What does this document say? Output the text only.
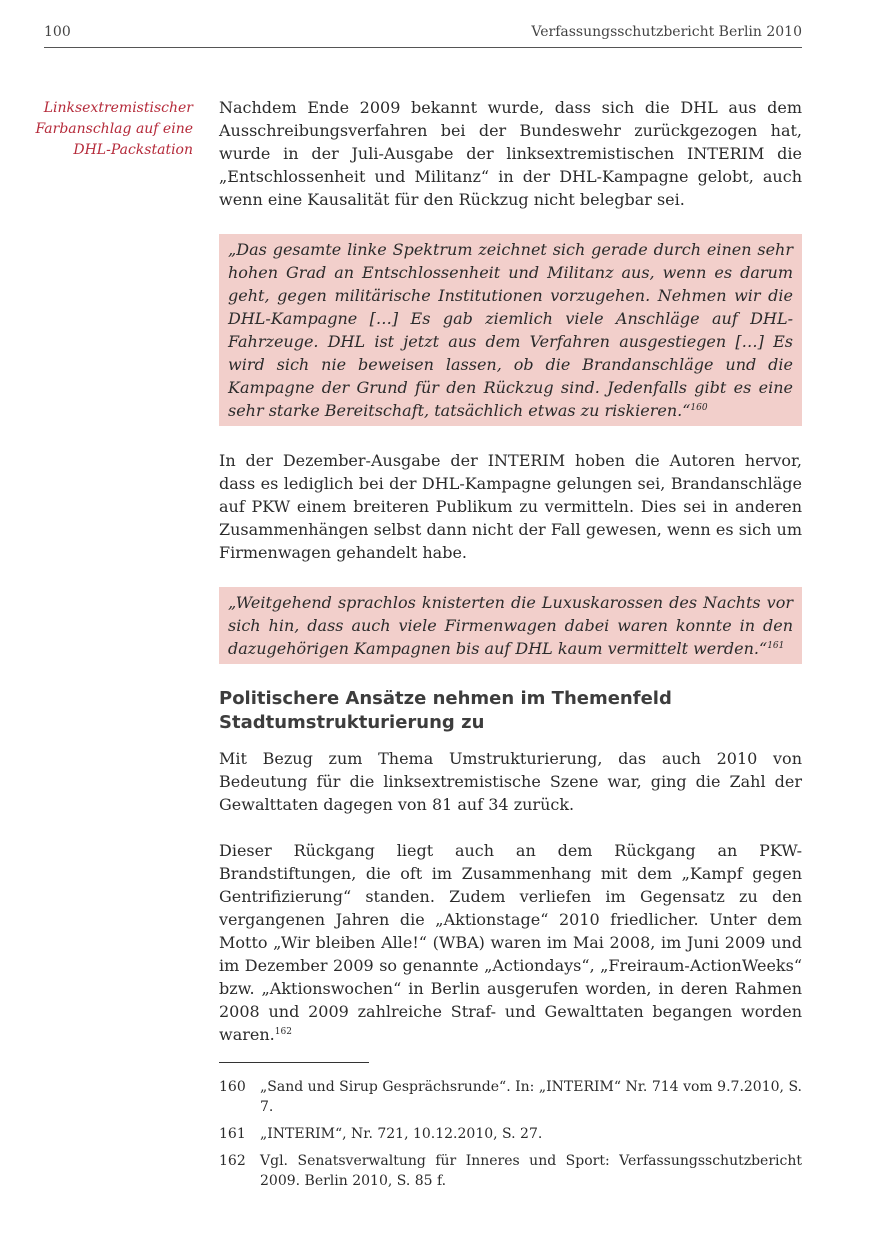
100	Verfassungsschutzbericht Berlin 2010
Linksextremistischer
Farbanschlag auf eine
DHL-Packstation

Nachdem Ende 2009 bekannt wurde, dass sich die DHL aus dem Ausschreibungsverfahren bei der Bundeswehr zurückgezogen hat, wurde in der Juli-Ausgabe der linksextremistischen INTERIM die „Entschlossenheit und Militanz“ in der DHL-Kampagne gelobt, auch wenn eine Kausalität für den Rückzug nicht belegbar sei.

„Das gesamte linke Spektrum zeichnet sich gerade durch einen sehr hohen Grad an Entschlossenheit und Militanz aus, wenn es darum geht, gegen militärische Institutionen vorzugehen. Nehmen wir die DHL-Kampagne […] Es gab ziemlich viele Anschläge auf DHL-Fahrzeuge. DHL ist jetzt aus dem Verfahren ausgestiegen […] Es wird sich nie beweisen lassen, ob die Brandanschläge und die Kampagne der Grund für den Rückzug sind. Jedenfalls gibt es eine sehr starke Bereitschaft, tatsächlich etwas zu riskieren.“$^{160}$

In der Dezember-Ausgabe der INTERIM hoben die Autoren hervor, dass es lediglich bei der DHL-Kampagne gelungen sei, Brandanschläge auf PKW einem breiteren Publikum zu vermitteln. Dies sei in anderen Zusammenhängen selbst dann nicht der Fall gewesen, wenn es sich um Firmenwagen gehandelt habe.

„Weitgehend sprachlos knisterten die Luxuskarossen des Nachts vor sich hin, dass auch viele Firmenwagen dabei waren konnte in den dazugehörigen Kampagnen bis auf DHL kaum vermittelt werden.“$^{161}$
Politischere Ansätze nehmen im Themenfeld Stadtumstrukturierung zu

Mit Bezug zum Thema Umstrukturierung, das auch 2010 von Bedeutung für die linksextremistische Szene war, ging die Zahl der Gewalttaten dagegen von 81 auf 34 zurück.

Dieser Rückgang liegt auch an dem Rückgang an PKW-Brandstiftungen, die oft im Zusammenhang mit dem „Kampf gegen Gentrifizierung“ standen. Zudem verliefen im Gegensatz zu den vergangenen Jahren die „Aktionstage“ 2010 friedlicher. Unter dem Motto „Wir bleiben Alle!“ (WBA) waren im Mai 2008, im Juni 2009 und im Dezember 2009 so genannte „Actiondays“, „Freiraum-ActionWeeks“ bzw. „Aktionswochen“ in Berlin ausgerufen worden, in deren Rahmen 2008 und 2009 zahlreiche Straf- und Gewalttaten begangen worden waren.$^{162}$

160	„Sand und Sirup Gesprächsrunde“. In: „INTERIM“ Nr. 714 vom 9.7.2010, S. 7.
161	„INTERIM“, Nr. 721, 10.12.2010, S. 27.
162	Vgl. Senatsverwaltung für Inneres und Sport: Verfassungsschutzbericht 2009. Berlin 2010, S. 85 f.
